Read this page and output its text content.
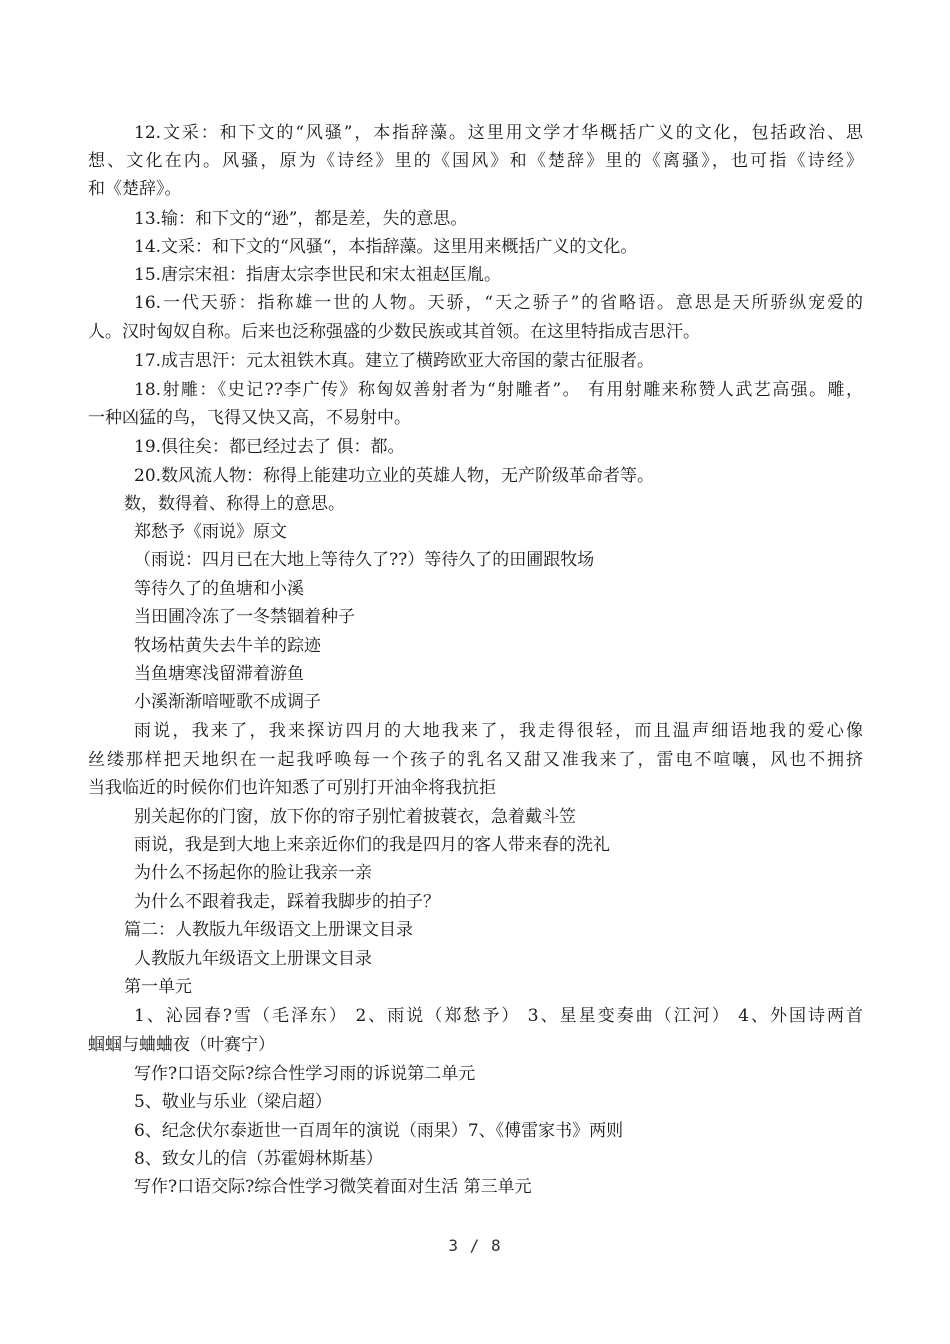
12.文采：和下文的“风骚”，本指辞藻。这里用文学才华概括广义的文化，包括政治、思
想、文化在内。风骚，原为《诗经》里的《国风》和《楚辞》里的《离骚》，也可指《诗经》
和《楚辞》。
13.输：和下文的“逊”，都是差，失的意思。
14.文采：和下文的“风骚“，本指辞藻。这里用来概括广义的文化。
15.唐宗宋祖：指唐太宗李世民和宋太祖赵匡胤。
16.一代天骄：指称雄一世的人物。天骄，“天之骄子”的省略语。意思是天所骄纵宠爱的
人。汉时匈奴自称。后来也泛称强盛的少数民族或其首领。在这里特指成吉思汗。
17.成吉思汗：元太祖铁木真。建立了横跨欧亚大帝国的蒙古征服者。
18.射雕：《史记??李广传》称匈奴善射者为“射雕者”。 有用射雕来称赞人武艺高强。雕，
一种凶猛的鸟，飞得又快又高，不易射中。
19.俱往矣：都已经过去了 俱：都。
20.数风流人物：称得上能建功立业的英雄人物，无产阶级革命者等。
数，数得着、称得上的意思。
郑愁予《雨说》原文
（雨说：四月已在大地上等待久了??）等待久了的田圃跟牧场
等待久了的鱼塘和小溪
当田圃冷冻了一冬禁锢着种子
牧场枯黄失去牛羊的踪迹
当鱼塘寒浅留滞着游鱼
小溪渐渐喑哑歌不成调子
雨说，我来了，我来探访四月的大地我来了，我走得很轻，而且温声细语地我的爱心像
丝缕那样把天地织在一起我呼唤每一个孩子的乳名又甜又准我来了，雷电不喧嚷，风也不拥挤
当我临近的时候你们也许知悉了可别打开油伞将我抗拒
别关起你的门窗，放下你的帘子别忙着披蓑衣，急着戴斗笠
雨说，我是到大地上来亲近你们的我是四月的客人带来春的洗礼
为什么不扬起你的脸让我亲一亲
为什么不跟着我走，踩着我脚步的拍子？
篇二：人教版九年级语文上册课文目录
人教版九年级语文上册课文目录
第一单元
1、沁园春?雪（毛泽东） 2、雨说（郑愁予） 3、星星变奏曲（江河） 4、外国诗两首
蝈蝈与蛐蛐夜（叶赛宁）
写作?口语交际?综合性学习雨的诉说第二单元
5、敬业与乐业（梁启超）
6、纪念伏尔泰逝世一百周年的演说（雨果）7、《傅雷家书》两则
8、致女儿的信（苏霍姆林斯基）
写作?口语交际?综合性学习微笑着面对生活 第三单元
3 / 8
